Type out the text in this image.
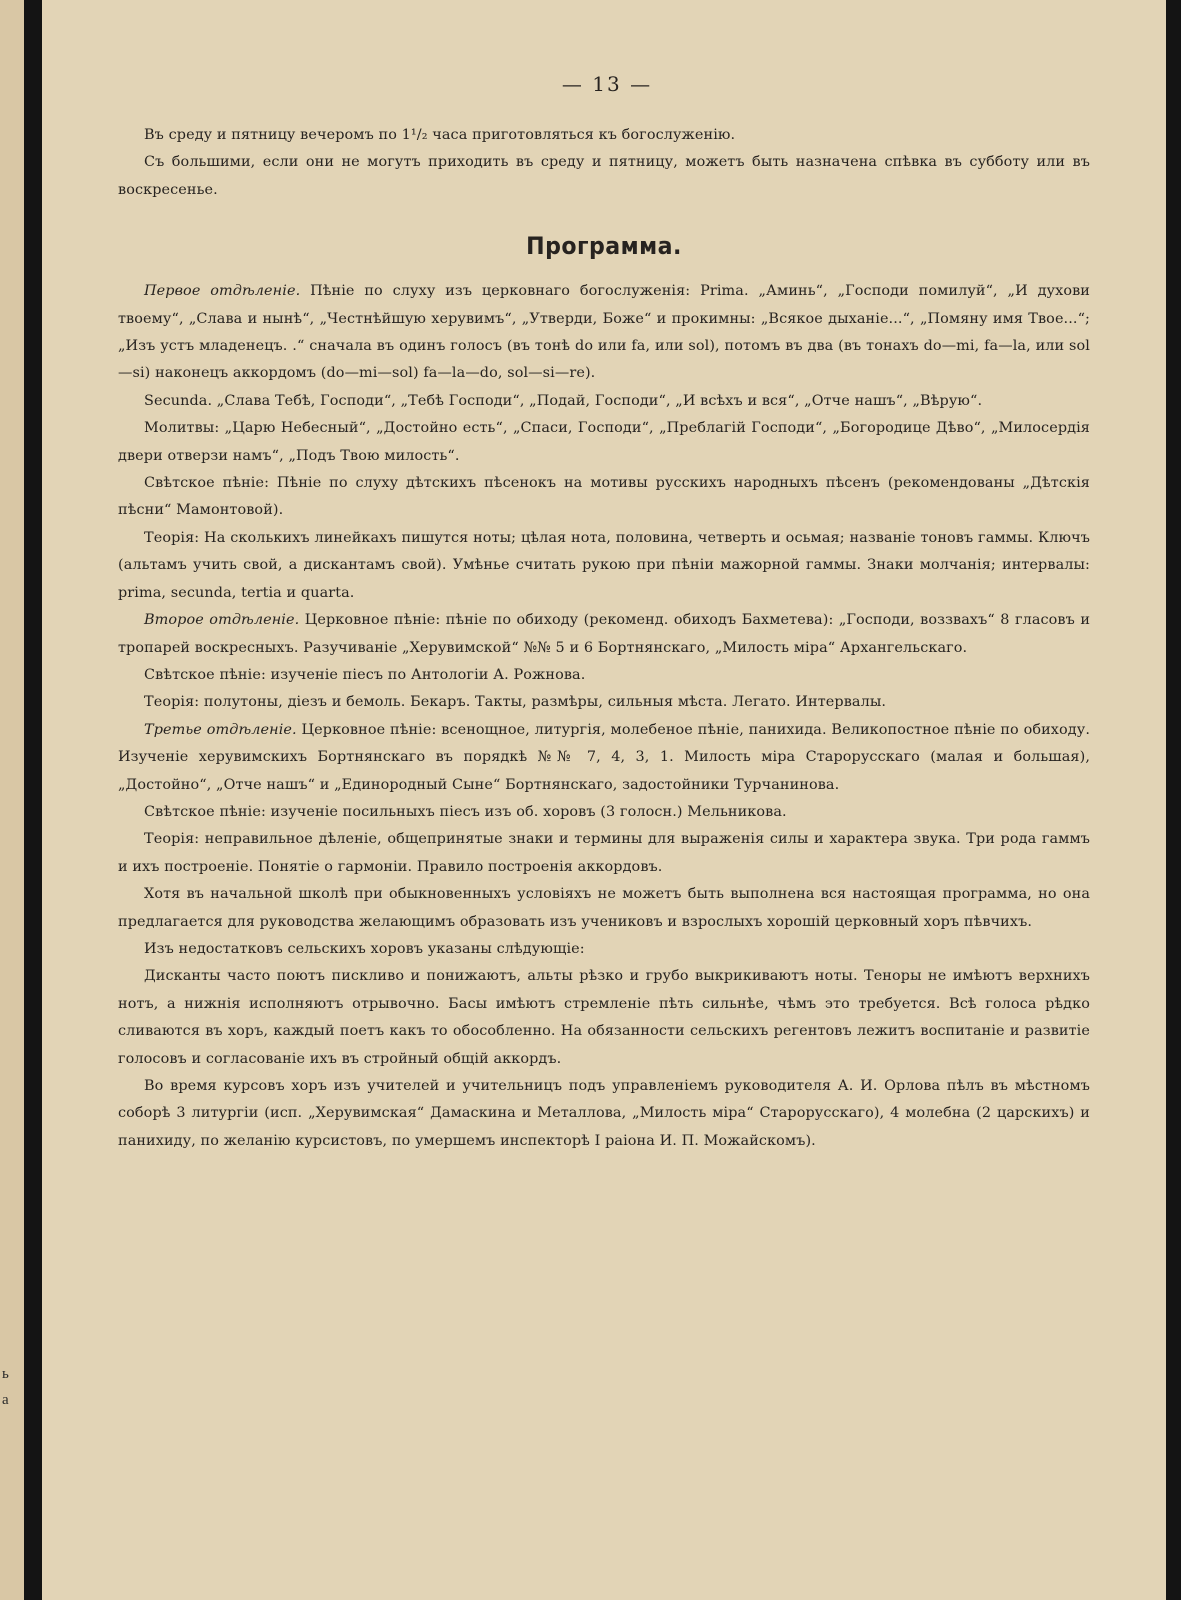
ь
а
— 13 —

Въ среду и пятницу вечеромъ по 1¹/₂ часа приготовляться къ богослуженію.

Съ большими, если они не могутъ приходить въ среду и пятницу, можетъ быть назначена спѣвка въ субботу или въ воскресенье.

Программа.

Первое отдѣленіе. Пѣніе по слуху изъ церковнаго богослуженія: Prima. „Аминь“, „Господи помилуй“, „И духови твоему“, „Слава и нынѣ“, „Честнѣйшую херувимъ“, „Утверди, Боже“ и прокимны: „Всякое дыханіе...“, „Помяну имя Твое...“; „Изъ устъ младенецъ. .“ сначала въ одинъ голосъ (въ тонѣ do или fa, или sol), потомъ въ два (въ тонахъ do—mi, fa—la, или sol—si) наконецъ аккордомъ (do—mi—sol) fa—la—do, sol—si—re).

Secunda. „Слава Тебѣ, Господи“, „Тебѣ Господи“, „Подай, Господи“, „И всѣхъ и вся“, „Отче нашъ“, „Вѣрую“.

Молитвы: „Царю Небесный“, „Достойно есть“, „Спаси, Господи“, „Преблагій Господи“, „Богородице Дѣво“, „Милосердія двери отверзи намъ“, „Подъ Твою милость“.

Свѣтское пѣніе: Пѣніе по слуху дѣтскихъ пѣсенокъ на мотивы русскихъ народныхъ пѣсенъ (рекомендованы „Дѣтскія пѣсни“ Мамонтовой).

Теорія: На сколькихъ линейкахъ пишутся ноты; цѣлая нота, половина, четверть и осьмая; названіе тоновъ гаммы. Ключъ (альтамъ учить свой, а дискантамъ свой). Умѣнье считать рукою при пѣніи мажорной гаммы. Знаки молчанія; интервалы: prima, secunda, tertia и quarta.

Второе отдѣленіе. Церковное пѣніе: пѣніе по обиходу (рекоменд. обиходъ Бахметева): „Господи, воззвахъ“ 8 гласовъ и тропарей воскресныхъ. Разучиваніе „Херувимской“ №№ 5 и 6 Бортнянскаго, „Милость міра“ Архангельскаго.

Свѣтское пѣніе: изученіе піесъ по Антологіи А. Рожнова.

Теорія: полутоны, діезъ и бемоль. Бекаръ. Такты, размѣры, сильныя мѣста. Легато. Интервалы.

Третье отдѣленіе. Церковное пѣніе: всенощное, литургія, молебеное пѣніе, панихида. Великопостное пѣніе по обиходу. Изученіе херувимскихъ Бортнянскаго въ порядкѣ №№ 7, 4, 3, 1. Милость міра Старорусскаго (малая и большая), „Достойно“, „Отче нашъ“ и „Единородный Сыне“ Бортнянскаго, задостойники Турчанинова.

Свѣтское пѣніе: изученіе посильныхъ піесъ изъ об. хоровъ (3 голосн.) Мельникова.

Теорія: неправильное дѣленіе, общепринятые знаки и термины для выраженія силы и характера звука. Три рода гаммъ и ихъ построеніе. Понятіе о гармоніи. Правило построенія аккордовъ.

Хотя въ начальной школѣ при обыкновенныхъ условіяхъ не можетъ быть выполнена вся настоящая программа, но она предлагается для руководства желающимъ образовать изъ учениковъ и взрослыхъ хорошій церковный хоръ пѣвчихъ.

Изъ недостатковъ сельскихъ хоровъ указаны слѣдующіе:

Дисканты часто поютъ пискливо и понижаютъ, альты рѣзко и грубо выкрикиваютъ ноты. Теноры не имѣютъ верхнихъ нотъ, а нижнія исполняютъ отрывочно. Басы имѣютъ стремленіе пѣть сильнѣе, чѣмъ это требуется. Всѣ голоса рѣдко сливаются въ хоръ, каждый поетъ какъ то обособленно. На обязанности сельскихъ регентовъ лежитъ воспитаніе и развитіе голосовъ и согласованіе ихъ въ стройный общій аккордъ.

Во время курсовъ хоръ изъ учителей и учительницъ подъ управленіемъ руководителя А. И. Орлова пѣлъ въ мѣстномъ соборѣ 3 литургіи (исп. „Херувимская“ Дамаскина и Металлова, „Милость міра“ Старорусскаго), 4 молебна (2 царскихъ) и панихиду, по желанію курсистовъ, по умершемъ инспекторѣ I раіона И. П. Можайскомъ).
